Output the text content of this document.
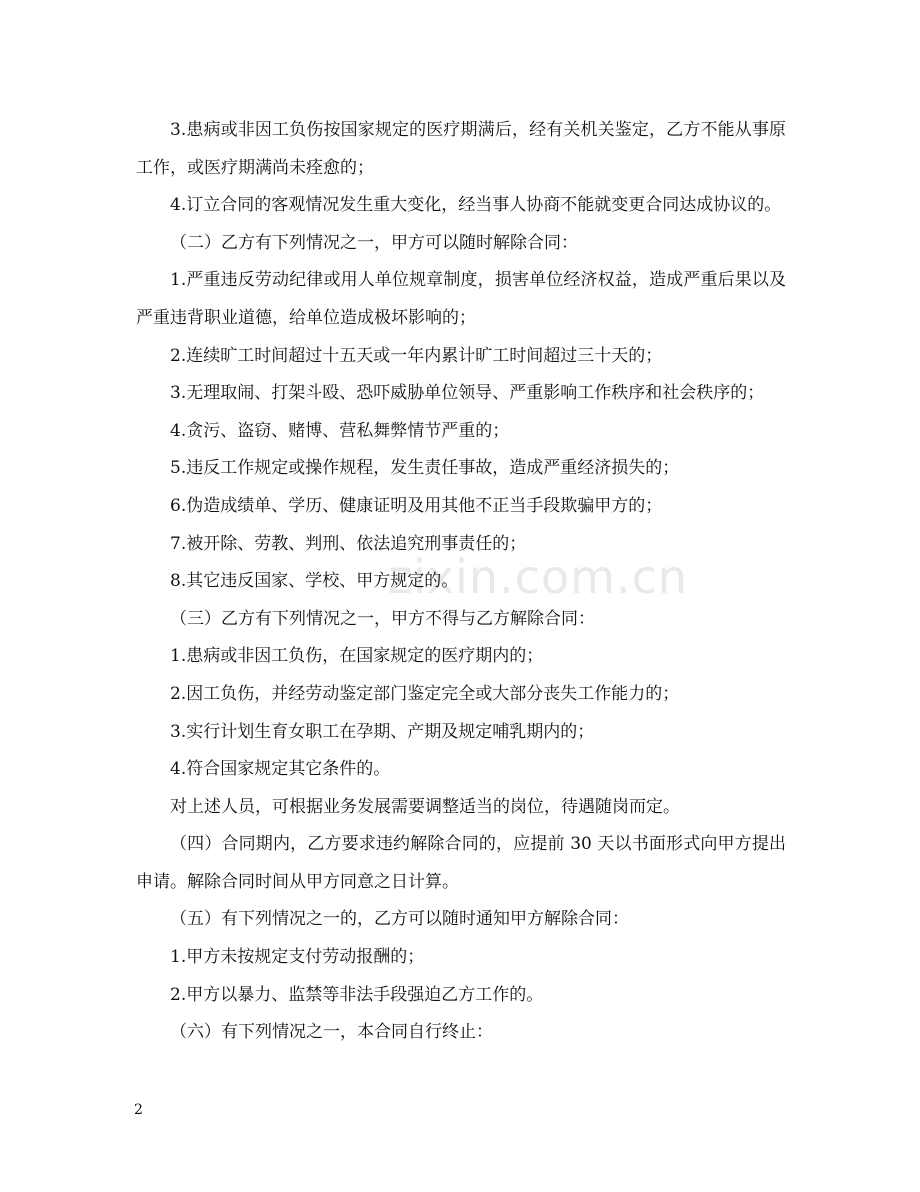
zixin.com.cn

3.患病或非因工负伤按国家规定的医疗期满后，经有关机关鉴定，乙方不能从事原工作，或医疗期满尚未痊愈的；

4.订立合同的客观情况发生重大变化，经当事人协商不能就变更合同达成协议的。

（二）乙方有下列情况之一，甲方可以随时解除合同：

1.严重违反劳动纪律或用人单位规章制度，损害单位经济权益，造成严重后果以及严重违背职业道德，给单位造成极坏影响的；

2.连续旷工时间超过十五天或一年内累计旷工时间超过三十天的；

3.无理取闹、打架斗殴、恐吓威胁单位领导、严重影响工作秩序和社会秩序的；

4.贪污、盗窃、赌博、营私舞弊情节严重的；

5.违反工作规定或操作规程，发生责任事故，造成严重经济损失的；

6.伪造成绩单、学历、健康证明及用其他不正当手段欺骗甲方的；

7.被开除、劳教、判刑、依法追究刑事责任的；

8.其它违反国家、学校、甲方规定的。

（三）乙方有下列情况之一，甲方不得与乙方解除合同：

1.患病或非因工负伤，在国家规定的医疗期内的；

2.因工负伤，并经劳动鉴定部门鉴定完全或大部分丧失工作能力的；

3.实行计划生育女职工在孕期、产期及规定哺乳期内的；

4.符合国家规定其它条件的。

对上述人员，可根据业务发展需要调整适当的岗位，待遇随岗而定。

（四）合同期内，乙方要求违约解除合同的，应提前 30 天以书面形式向甲方提出申请。解除合同时间从甲方同意之日计算。

（五）有下列情况之一的，乙方可以随时通知甲方解除合同：

1.甲方未按规定支付劳动报酬的；

2.甲方以暴力、监禁等非法手段强迫乙方工作的。

（六）有下列情况之一，本合同自行终止：

2
